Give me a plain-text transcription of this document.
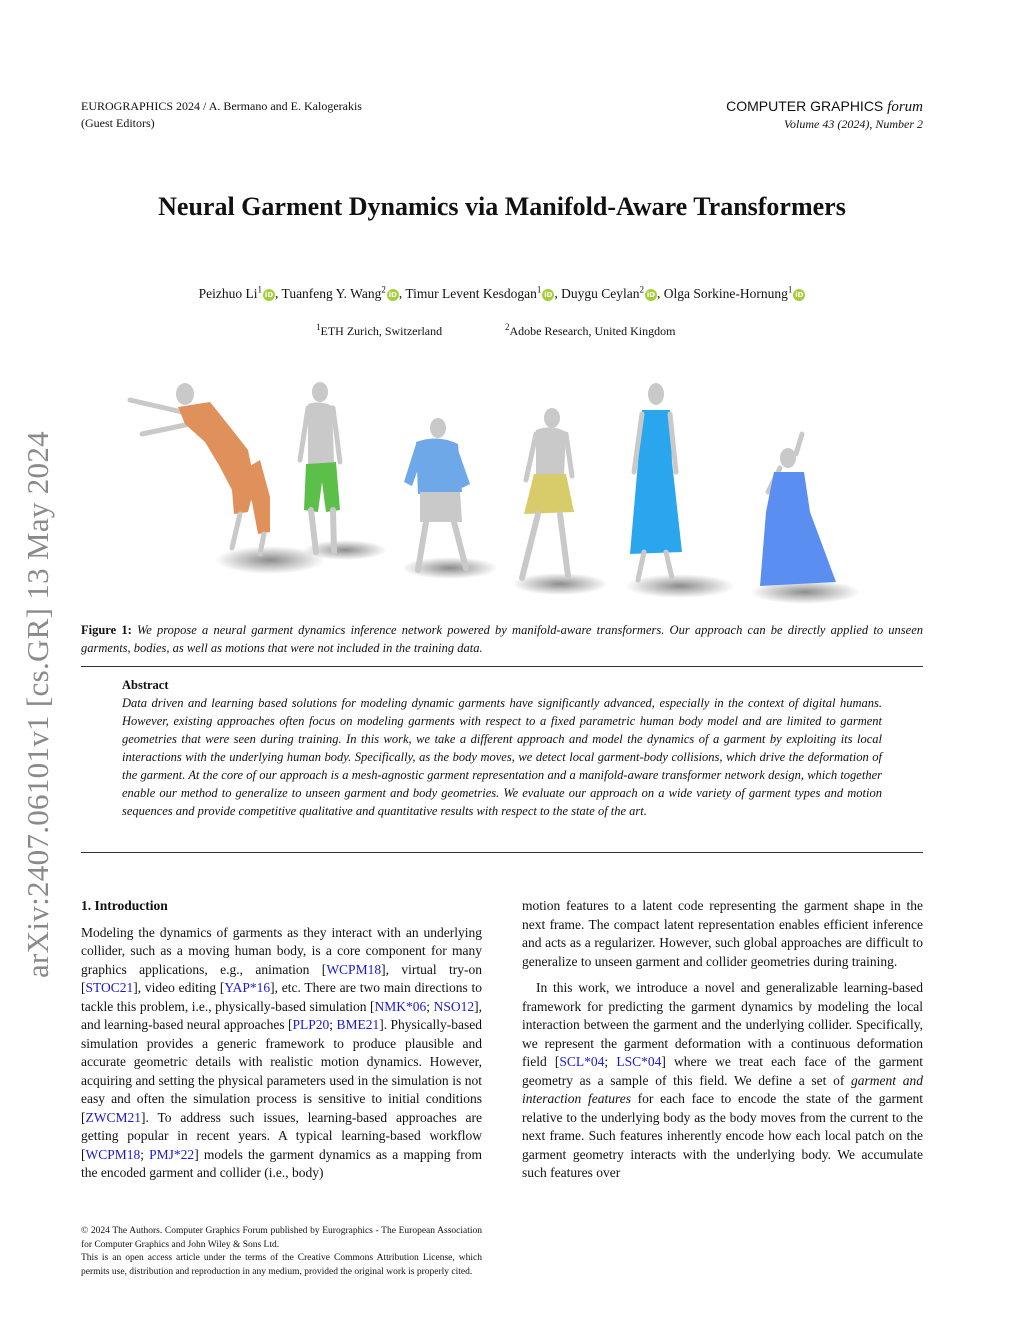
EUROGRAPHICS 2024 / A. Bermano and E. Kalogerakis
(Guest Editors)
COMPUTER GRAPHICS forum
Volume 43 (2024), Number 2
arXiv:2407.06101v1 [cs.GR] 13 May 2024
Neural Garment Dynamics via Manifold-Aware Transformers
Peizhuo Li$^1$iD , Tuanfeng Y. Wang$^2$iD , Timur Levent Kesdogan$^1$iD , Duygu Ceylan$^2$iD , Olga Sorkine-Hornung$^1$iD
$^1$ETH Zurich, Switzerland	$^2$Adobe Research, United Kingdom
Figure 1: We propose a neural garment dynamics inference network powered by manifold-aware transformers. Our approach can be directly applied to unseen garments, bodies, as well as motions that were not included in the training data.
Abstract
Data driven and learning based solutions for modeling dynamic garments have significantly advanced, especially in the context of digital humans. However, existing approaches often focus on modeling garments with respect to a fixed parametric human body model and are limited to garment geometries that were seen during training. In this work, we take a different approach and model the dynamics of a garment by exploiting its local interactions with the underlying human body. Specifically, as the body moves, we detect local garment-body collisions, which drive the deformation of the garment. At the core of our approach is a mesh-agnostic garment representation and a manifold-aware transformer network design, which together enable our method to generalize to unseen garment and body geometries. We evaluate our approach on a wide variety of garment types and motion sequences and provide competitive qualitative and quantitative results with respect to the state of the art.
1. Introduction

Modeling the dynamics of garments as they interact with an underlying collider, such as a moving human body, is a core component for many graphics applications, e.g., animation [WCPM18], virtual try-on [STOC21], video editing [YAP*16], etc. There are two main directions to tackle this problem, i.e., physically-based simulation [NMK*06; NSO12], and learning-based neural approaches [PLP20; BME21]. Physically-based simulation provides a generic framework to produce plausible and accurate geometric details with realistic motion dynamics. However, acquiring and setting the physical parameters used in the simulation is not easy and often the simulation process is sensitive to initial conditions [ZWCM21]. To address such issues, learning-based approaches are getting popular in recent years. A typical learning-based workflow [WCPM18; PMJ*22] models the garment dynamics as a mapping from the encoded garment and collider (i.e., body)

motion features to a latent code representing the garment shape in the next frame. The compact latent representation enables efficient inference and acts as a regularizer. However, such global approaches are difficult to generalize to unseen garment and collider geometries during training.

In this work, we introduce a novel and generalizable learning-based framework for predicting the garment dynamics by modeling the local interaction between the garment and the underlying collider. Specifically, we represent the garment deformation with a continuous deformation field [SCL*04; LSC*04] where we treat each face of the garment geometry as a sample of this field. We define a set of garment and interaction features for each face to encode the state of the garment relative to the underlying body as the body moves from the current to the next frame. Such features inherently encode how each local patch on the garment geometry interacts with the underlying body. We accumulate such features over

© 2024 The Authors. Computer Graphics Forum published by Eurographics - The European Association for Computer Graphics and John Wiley & Sons Ltd.
This is an open access article under the terms of the Creative Commons Attribution License, which permits use, distribution and reproduction in any medium, provided the original work is properly cited.
